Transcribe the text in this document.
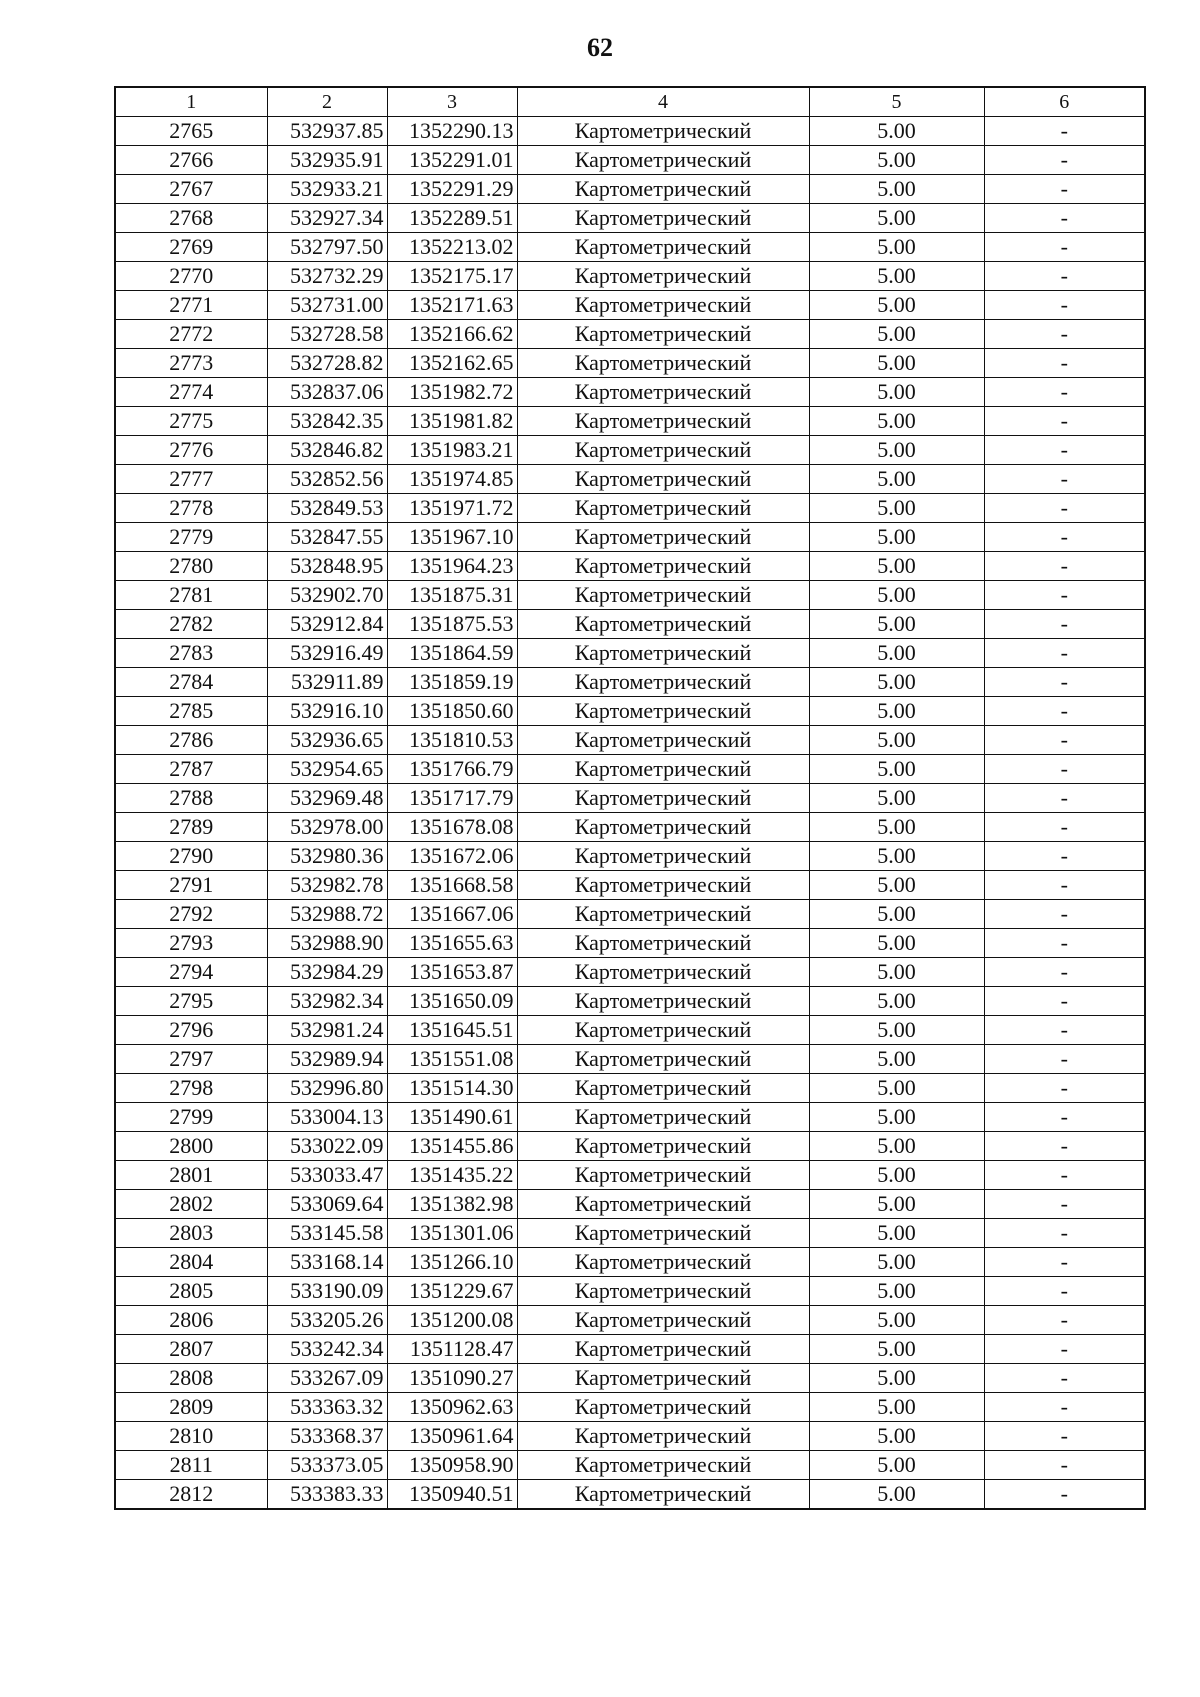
62
1	2	3	4	5	6
2765	532937.85	1352290.13	Картометрический	5.00	-
2766	532935.91	1352291.01	Картометрический	5.00	-
2767	532933.21	1352291.29	Картометрический	5.00	-
2768	532927.34	1352289.51	Картометрический	5.00	-
2769	532797.50	1352213.02	Картометрический	5.00	-
2770	532732.29	1352175.17	Картометрический	5.00	-
2771	532731.00	1352171.63	Картометрический	5.00	-
2772	532728.58	1352166.62	Картометрический	5.00	-
2773	532728.82	1352162.65	Картометрический	5.00	-
2774	532837.06	1351982.72	Картометрический	5.00	-
2775	532842.35	1351981.82	Картометрический	5.00	-
2776	532846.82	1351983.21	Картометрический	5.00	-
2777	532852.56	1351974.85	Картометрический	5.00	-
2778	532849.53	1351971.72	Картометрический	5.00	-
2779	532847.55	1351967.10	Картометрический	5.00	-
2780	532848.95	1351964.23	Картометрический	5.00	-
2781	532902.70	1351875.31	Картометрический	5.00	-
2782	532912.84	1351875.53	Картометрический	5.00	-
2783	532916.49	1351864.59	Картометрический	5.00	-
2784	532911.89	1351859.19	Картометрический	5.00	-
2785	532916.10	1351850.60	Картометрический	5.00	-
2786	532936.65	1351810.53	Картометрический	5.00	-
2787	532954.65	1351766.79	Картометрический	5.00	-
2788	532969.48	1351717.79	Картометрический	5.00	-
2789	532978.00	1351678.08	Картометрический	5.00	-
2790	532980.36	1351672.06	Картометрический	5.00	-
2791	532982.78	1351668.58	Картометрический	5.00	-
2792	532988.72	1351667.06	Картометрический	5.00	-
2793	532988.90	1351655.63	Картометрический	5.00	-
2794	532984.29	1351653.87	Картометрический	5.00	-
2795	532982.34	1351650.09	Картометрический	5.00	-
2796	532981.24	1351645.51	Картометрический	5.00	-
2797	532989.94	1351551.08	Картометрический	5.00	-
2798	532996.80	1351514.30	Картометрический	5.00	-
2799	533004.13	1351490.61	Картометрический	5.00	-
2800	533022.09	1351455.86	Картометрический	5.00	-
2801	533033.47	1351435.22	Картометрический	5.00	-
2802	533069.64	1351382.98	Картометрический	5.00	-
2803	533145.58	1351301.06	Картометрический	5.00	-
2804	533168.14	1351266.10	Картометрический	5.00	-
2805	533190.09	1351229.67	Картометрический	5.00	-
2806	533205.26	1351200.08	Картометрический	5.00	-
2807	533242.34	1351128.47	Картометрический	5.00	-
2808	533267.09	1351090.27	Картометрический	5.00	-
2809	533363.32	1350962.63	Картометрический	5.00	-
2810	533368.37	1350961.64	Картометрический	5.00	-
2811	533373.05	1350958.90	Картометрический	5.00	-
2812	533383.33	1350940.51	Картометрический	5.00	-
